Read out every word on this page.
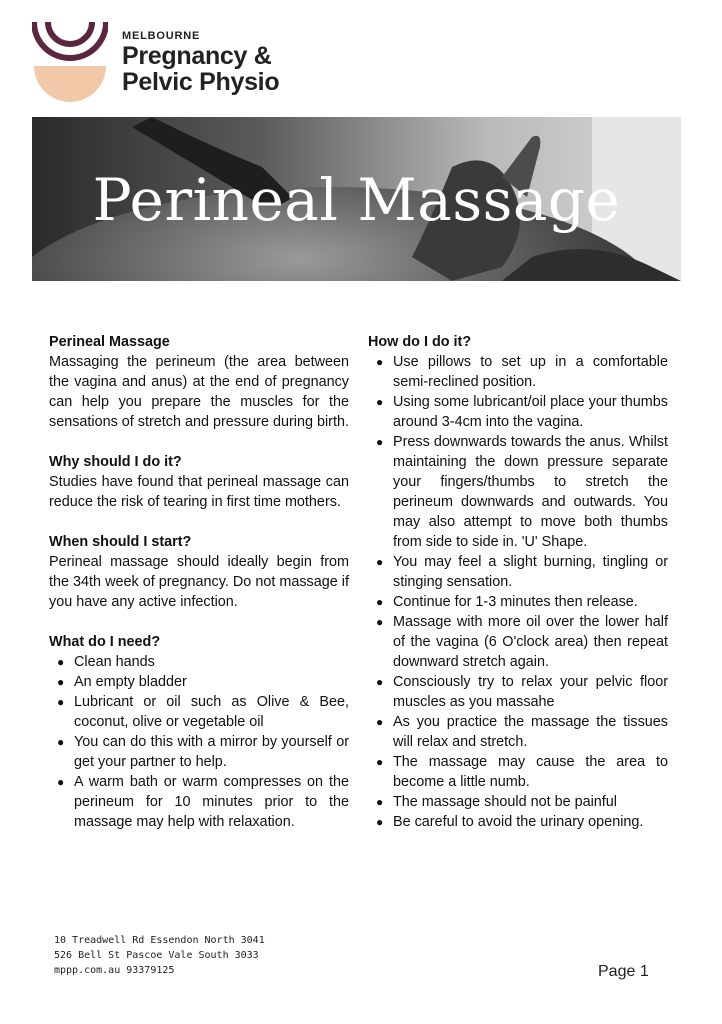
MELBOURNE
Pregnancy &
Pelvic Physio
Perineal Massage
Perineal Massage

Massaging the perineum (the area between the vagina and anus) at the end of pregnancy can help you prepare the muscles for the sensations of stretch and pressure during birth.

Why should I do it?

Studies have found that perineal massage can reduce the risk of tearing in first time mothers.

When should I start?

Perineal massage should ideally begin from the 34th week of pregnancy. Do not massage if you have any active infection.

What do I need?
● Clean hands
● An empty bladder
● Lubricant or oil such as Olive & Bee, coconut, olive or vegetable oil
● You can do this with a mirror by yourself or get your partner to help.
● A warm bath or warm compresses on the perineum for 10 minutes prior to the massage may help with relaxation.
How do I do it?
● Use pillows to set up in a comfortable semi-reclined position.
● Using some lubricant/oil place your thumbs around 3-4cm into the vagina.
● Press downwards towards the anus. Whilst maintaining the down pressure separate your fingers/thumbs to stretch the perineum downwards and outwards. You may also attempt to move both thumbs from side to side in. 'U' Shape.
● You may feel a slight burning, tingling or stinging sensation.
● Continue for 1-3 minutes then release.
● Massage with more oil over the lower half of the vagina (6 O'clock area) then repeat downward stretch again.
● Consciously try to relax your pelvic floor muscles as you massahe
● As you practice the massage the tissues will relax and stretch.
● The massage may cause the area to become a little numb.
● The massage should not be painful
● Be careful to avoid the urinary opening.
10 Treadwell Rd Essendon North 3041
526 Bell St Pascoe Vale South 3033
mppp.com.au 93379125	Page 1
